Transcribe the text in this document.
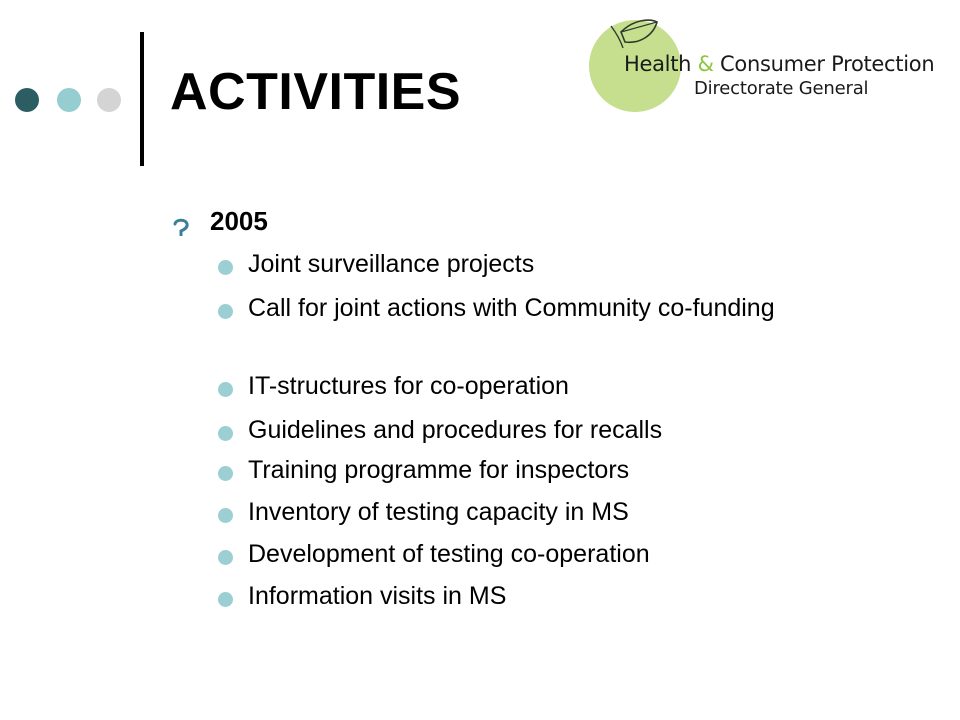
ACTIVITIES	Health & Consumer Protection
Directorate General
2005
Joint surveillance projects
Call for joint actions with Community co-funding
IT-structures for co-operation
Guidelines and procedures for recalls
Training programme for inspectors
Inventory of testing capacity in MS
Development of testing co-operation
Information visits in MS
